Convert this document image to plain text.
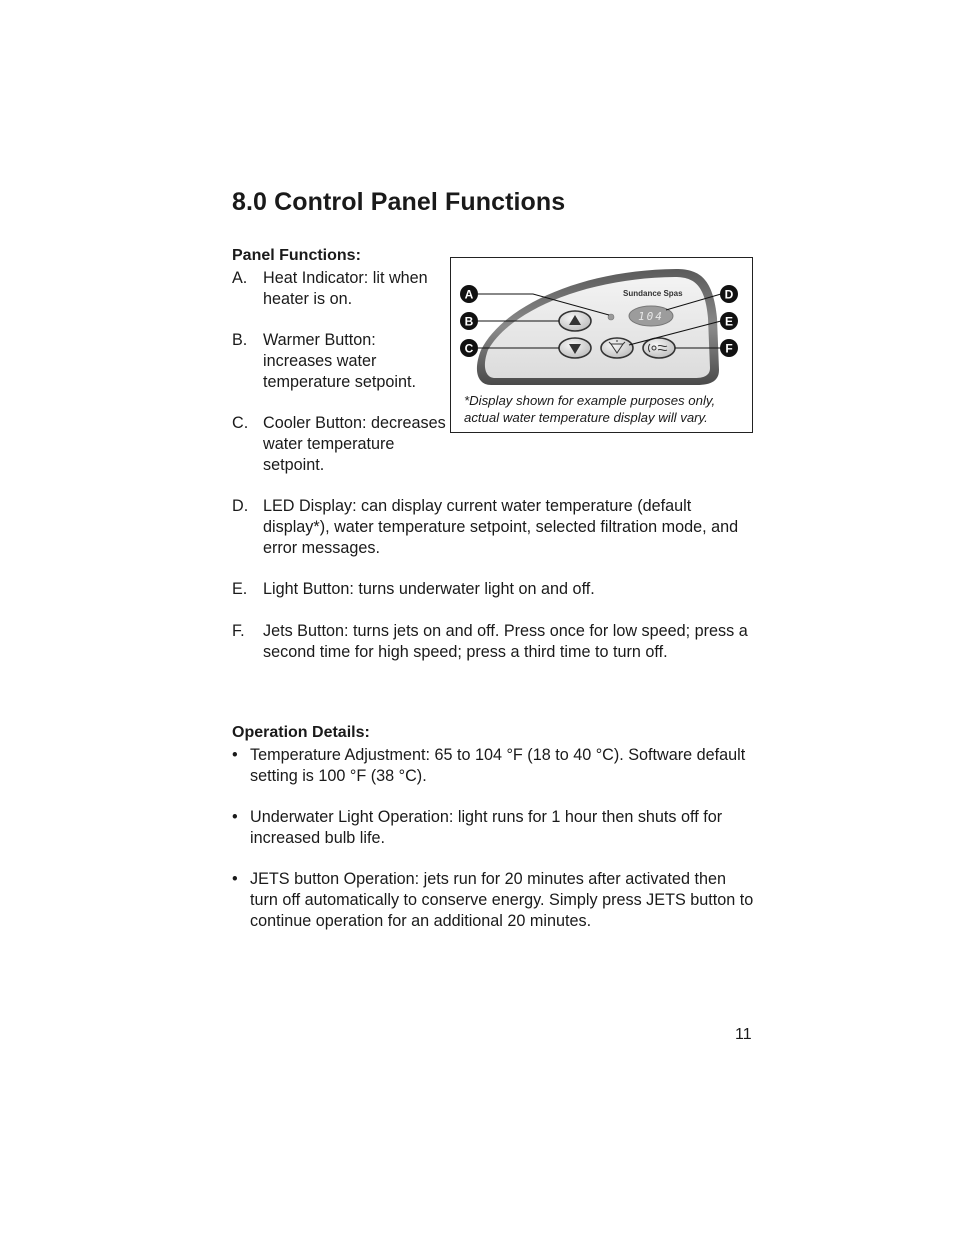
8.0 Control Panel Functions
Panel Functions:
A. Heat Indicator: lit when heater is on.
B. Warmer Button: increases water temperature setpoint.
C. Cooler Button: decreases water temperature setpoint.
D. LED Display: can display current water temperature (default display*), water temperature setpoint, selected filtration mode, and error messages.
E. Light Button: turns underwater light on and off.
F.	Jets Button: turns jets on and off. Press once for low speed; press a second time for high speed; press a third time to turn off.
Sundance Spas
104
A
B
C
D
E
F

*Display shown for example purposes only,
actual water temperature display will vary.

Operation Details:
• Temperature Adjustment: 65 to 104 °F (18 to 40 °C). Software default setting is 100 °F (38 °C).
• Underwater Light Operation: light runs for 1 hour then shuts off for increased bulb life.
• JETS button Operation: jets run for 20 minutes after activated then turn off automatically to conserve energy. Simply press JETS button to continue operation for an additional 20 minutes.
11
